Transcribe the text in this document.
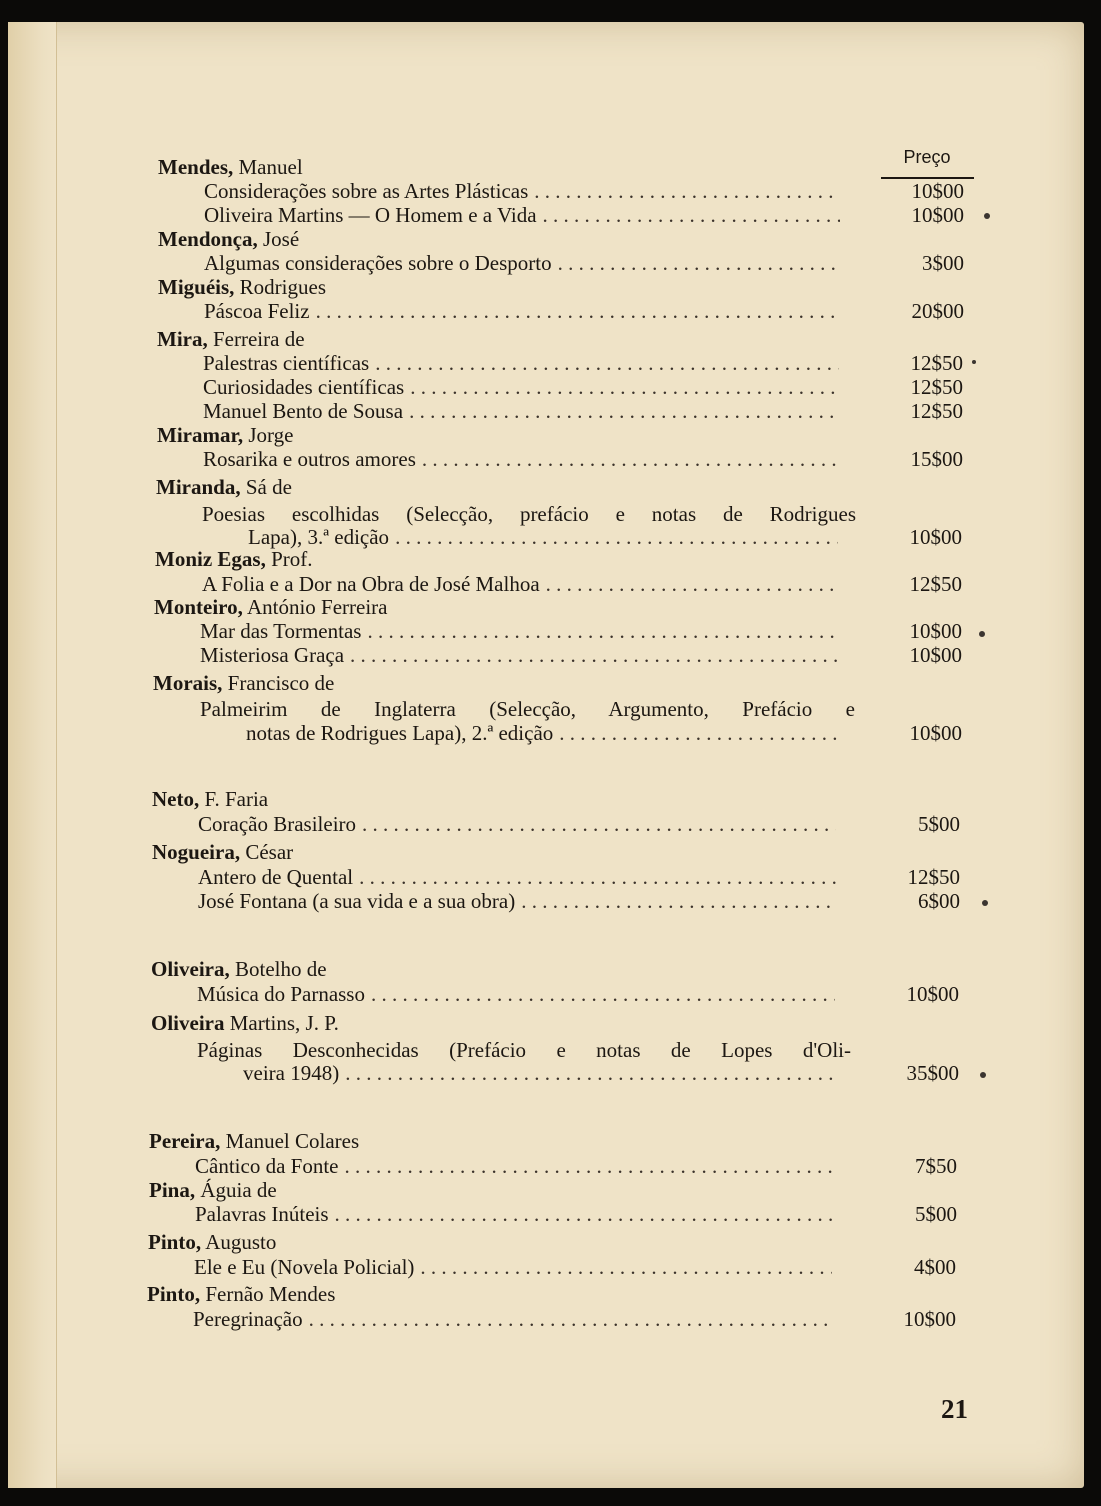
Preço
Mendes, Manuel
Considerações sobre as Artes Plásticas . . .	10$00
Oliveira Martins — O Homem e a Vida . . .	10$00
Mendonça, José
Algumas considerações sobre o Desporto . . .	3$00
Miguéis, Rodrigues
Páscoa Feliz . . .	20$00
Mira, Ferreira de
Palestras científicas . . .	12$50
Curiosidades científicas . . .	12$50
Manuel Bento de Sousa . . .	12$50
Miramar, Jorge
Rosarika e outros amores . . .	15$00
Miranda, Sá de
Poesias escolhidas (Selecção, prefácio e notas de Rodrigues
Lapa), 3.ª edição . . .	10$00
Moniz Egas, Prof.
A Folia e a Dor na Obra de José Malhoa . . .	12$50
Monteiro, António Ferreira
Mar das Tormentas . . .	10$00
Misteriosa Graça . . .	10$00
Morais, Francisco de
Palmeirim de Inglaterra (Selecção, Argumento, Prefácio e
notas de Rodrigues Lapa), 2.ª edição . . .	10$00
Neto, F. Faria
Coração Brasileiro . . .	5$00
Nogueira, César
Antero de Quental . . .	12$50
José Fontana (a sua vida e a sua obra) . . .	6$00
Oliveira, Botelho de
Música do Parnasso . . .	10$00
Oliveira Martins, J. P.
Páginas Desconhecidas (Prefácio e notas de Lopes d'Oli-
veira 1948) . . .	35$00
Pereira, Manuel Colares
Cântico da Fonte . . .	7$50
Pina, Águia de
Palavras Inúteis . . .	5$00
Pinto, Augusto
Ele e Eu (Novela Policial) . . .	4$00
Pinto, Fernão Mendes
Peregrinação . . .	10$00
21
